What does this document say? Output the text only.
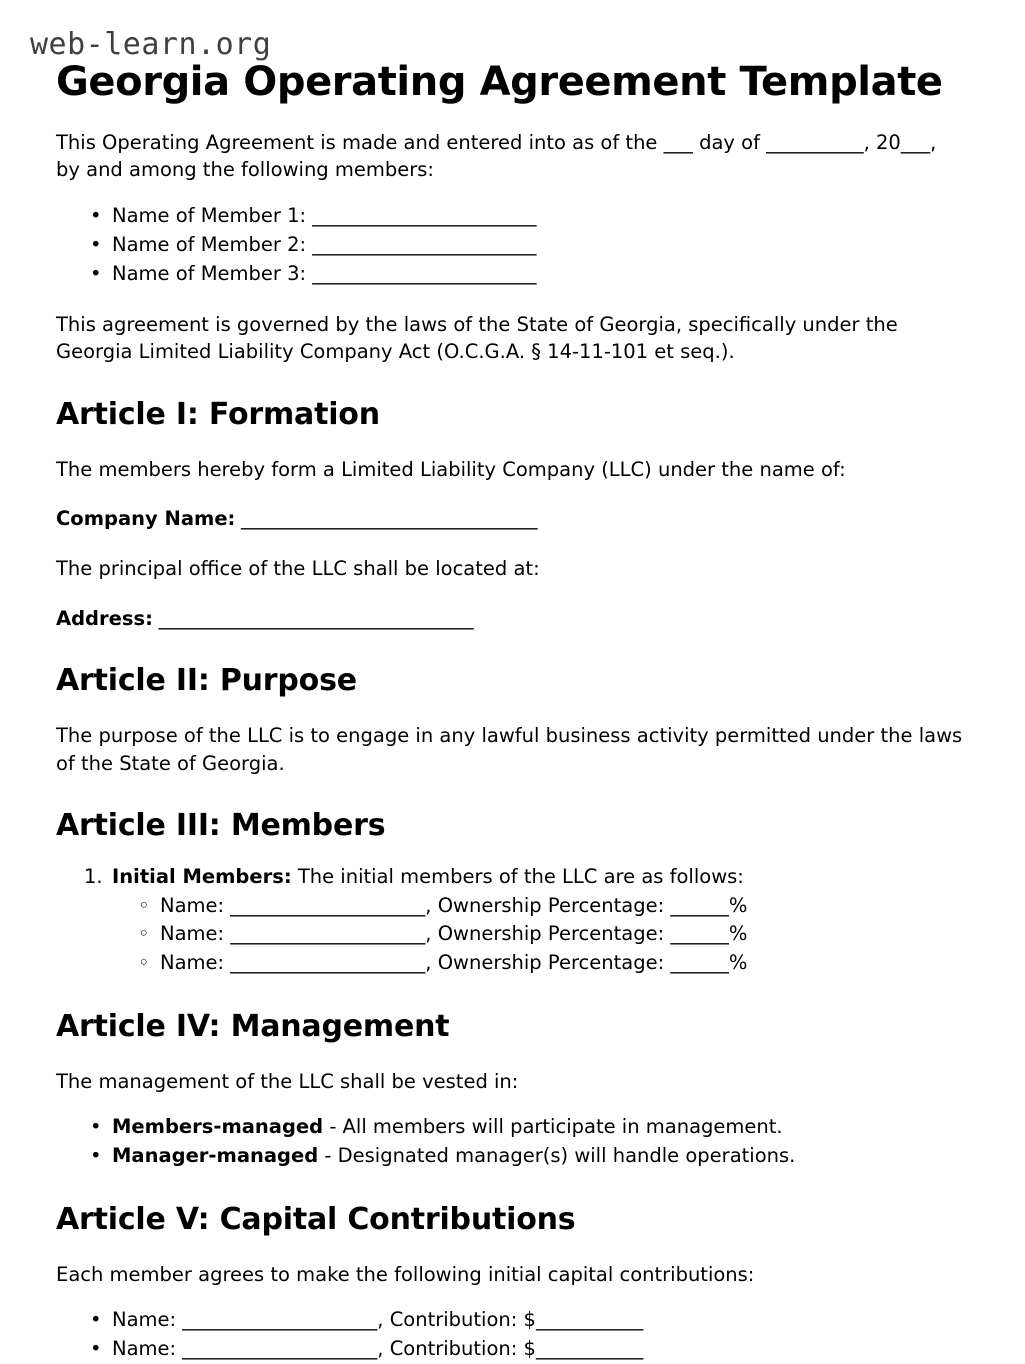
web-learn.org
Georgia Operating Agreement Template

This Operating Agreement is made and entered into as of the ___ day of __________, 20___, by and among the following members:

• Name of Member 1: _______________________
• Name of Member 2: _______________________
• Name of Member 3: _______________________

This agreement is governed by the laws of the State of Georgia, specifically under the Georgia Limited Liability Company Act (O.C.G.A. § 14-11-101 et seq.).

Article I: Formation

The members hereby form a Limited Liability Company (LLC) under the name of:

Company Name: ________________________________

The principal office of the LLC shall be located at:

Address: __________________________________

Article II: Purpose

The purpose of the LLC is to engage in any lawful business activity permitted under the laws of the State of Georgia.

Article III: Members
Initial Members: The initial members of the LLC are as follows:
◦ Name: ____________________, Ownership Percentage: ______%
◦ Name: ____________________, Ownership Percentage: ______%
◦ Name: ____________________, Ownership Percentage: ______%
Article IV: Management

The management of the LLC shall be vested in:

• Members-managed - All members will participate in management.
• Manager-managed - Designated manager(s) will handle operations.
Article V: Capital Contributions

Each member agrees to make the following initial capital contributions:

• Name: ____________________, Contribution: $___________
• Name: ____________________, Contribution: $___________
